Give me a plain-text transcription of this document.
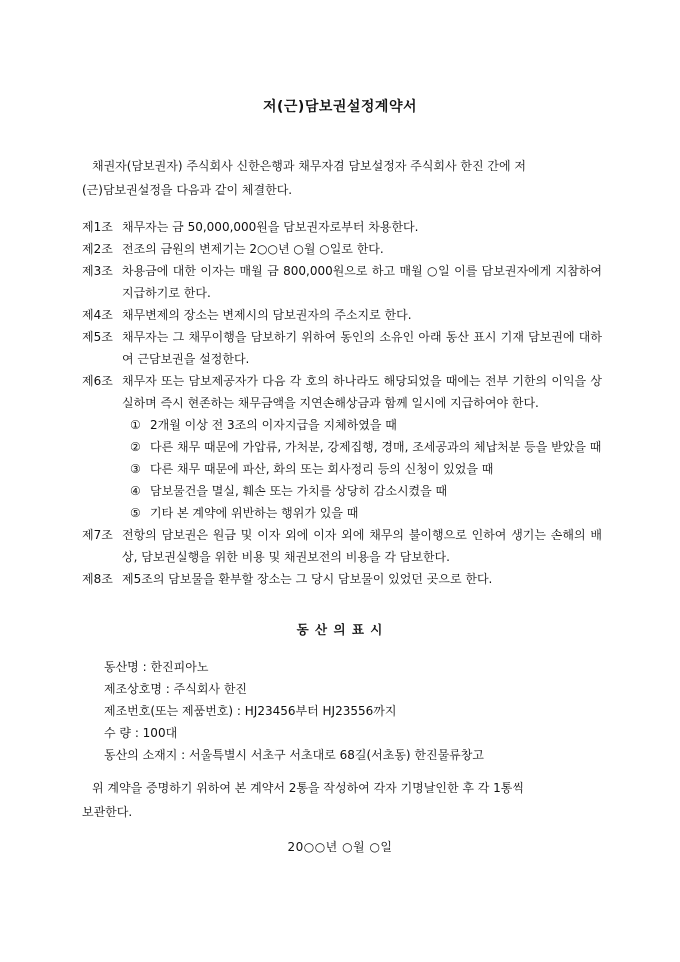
저(근)담보권설정계약서
채권자(담보권자) 주식회사 신한은행과 채무자겸 담보설정자 주식회사 한진 간에 저
(근)담보권설정을 다음과 같이 체결한다.
제1조 채무자는 금 50,000,000원을 담보권자로부터 차용한다.
제2조 전조의 금원의 변제기는 2○○년 ○월 ○일로 한다.
제3조 차용금에 대한 이자는 매월 금 800,000원으로 하고 매월 ○일 이를 담보권자에게 지참하여 지급하기로 한다.
제4조 채무변제의 장소는 변제시의 담보권자의 주소지로 한다.
제5조 채무자는 그 채무이행을 담보하기 위하여 동인의 소유인 아래 동산 표시 기재 담보권에 대하여 근담보권을 설정한다.
제6조 채무자 또는 담보제공자가 다음 각 호의 하나라도 해당되었을 때에는 전부 기한의 이익을 상실하며 즉시 현존하는 채무금액을 지연손해상금과 함께 일시에 지급하여야 한다.
① 2개월 이상 전 3조의 이자지급을 지체하였을 때
② 다른 채무 때문에 가압류, 가처분, 강제집행, 경매, 조세공과의 체납처분 등을 받았을 때
③ 다른 채무 때문에 파산, 화의 또는 회사정리 등의 신청이 있었을 때
④ 담보물건을 멸실, 훼손 또는 가치를 상당히 감소시켰을 때
⑤ 기타 본 계약에 위반하는 행위가 있을 때
제7조 전항의 담보권은 원금 및 이자 외에 이자 외에 채무의 불이행으로 인하여 생기는 손해의 배상, 담보권실행을 위한 비용 및 채권보전의 비용을 각 담보한다.
제8조 제5조의 담보물을 환부할 장소는 그 당시 담보물이 있었던 곳으로 한다.
동 산 의 표 시
동산명 : 한진피아노
제조상호명 : 주식회사 한진
제조번호(또는 제품번호) : HJ23456부터 HJ23556까지
수 량 : 100대
동산의 소재지 : 서울특별시 서초구 서초대로 68길(서초동) 한진물류창고
위 계약을 증명하기 위하여 본 계약서 2통을 작성하여 각자 기명날인한 후 각 1통씩
보관한다.
20○○년 ○월 ○일
